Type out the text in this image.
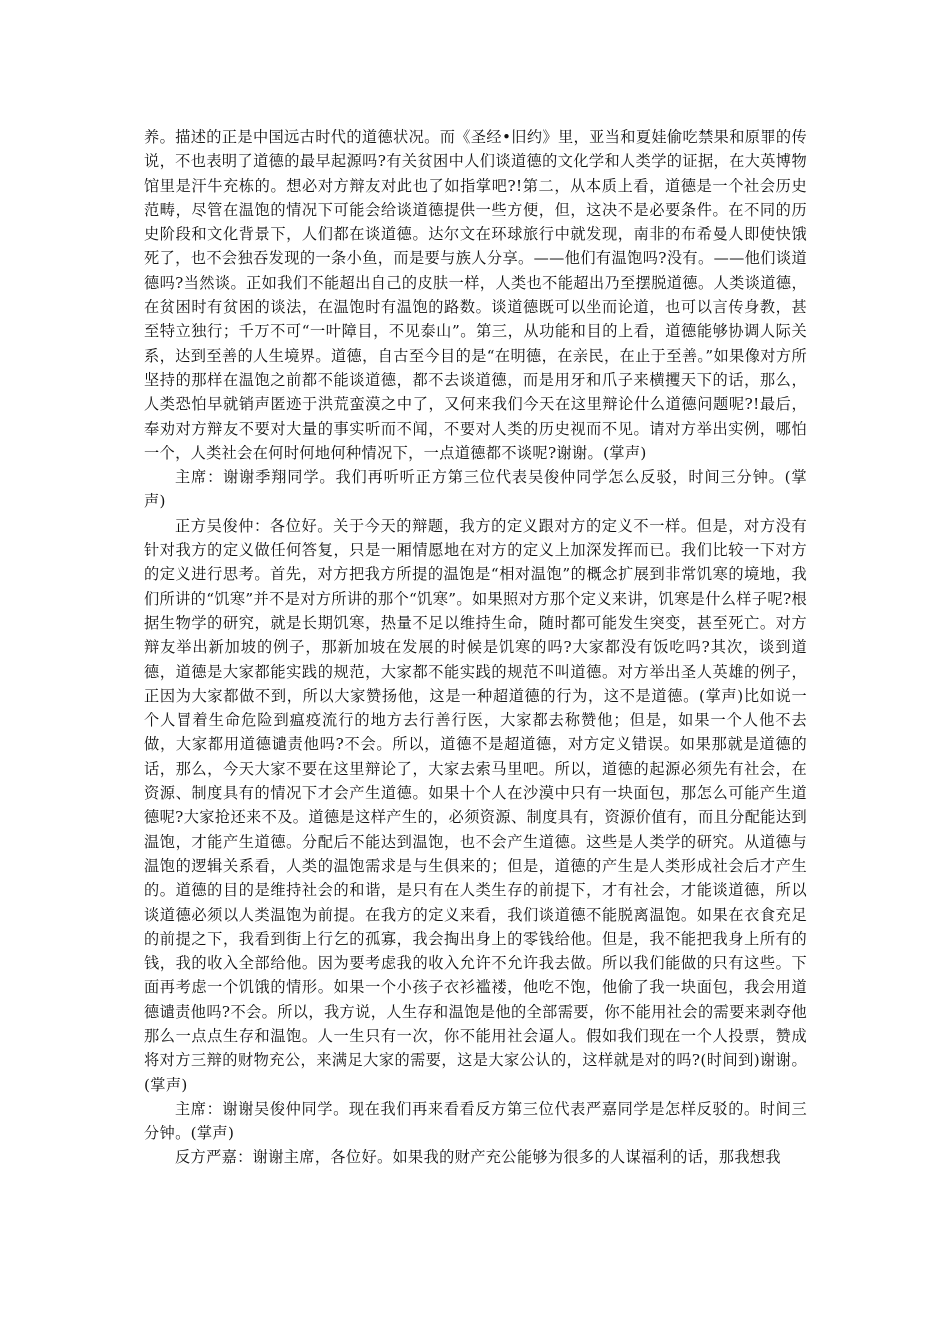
养。描述的正是中国远古时代的道德状况。而《圣经•旧约》里，亚当和夏娃偷吃禁果和原罪的传说，不也表明了道德的最早起源吗?有关贫困中人们谈道德的文化学和人类学的证据，在大英博物馆里是汗牛充栋的。想必对方辩友对此也了如指掌吧?!第二，从本质上看，道德是一个社会历史范畴，尽管在温饱的情况下可能会给谈道德提供一些方便，但，这决不是必要条件。在不同的历史阶段和文化背景下，人们都在谈道德。达尔文在环球旅行中就发现，南非的布希曼人即使快饿死了，也不会独吞发现的一条小鱼，而是要与族人分享。——他们有温饱吗?没有。——他们谈道德吗?当然谈。正如我们不能超出自己的皮肤一样，人类也不能超出乃至摆脱道德。人类谈道德，在贫困时有贫困的谈法，在温饱时有温饱的路数。谈道德既可以坐而论道，也可以言传身教，甚至特立独行；千万不可“一叶障目，不见泰山”。第三，从功能和目的上看，道德能够协调人际关系，达到至善的人生境界。道德，自古至今目的是“在明德，在亲民，在止于至善。”如果像对方所坚持的那样在温饱之前都不能谈道德，都不去谈道德，而是用牙和爪子来横攫天下的话，那么，人类恐怕早就销声匿迹于洪荒蛮漠之中了，又何来我们今天在这里辩论什么道德问题呢?!最后，奉劝对方辩友不要对大量的事实听而不闻，不要对人类的历史视而不见。请对方举出实例，哪怕一个，人类社会在何时何地何种情况下，一点道德都不谈呢?谢谢。(掌声)

主席：谢谢季翔同学。我们再听听正方第三位代表吴俊仲同学怎么反驳，时间三分钟。(掌声)

正方吴俊仲：各位好。关于今天的辩题，我方的定义跟对方的定义不一样。但是，对方没有针对我方的定义做任何答复，只是一厢情愿地在对方的定义上加深发挥而已。我们比较一下对方的定义进行思考。首先，对方把我方所提的温饱是“相对温饱”的概念扩展到非常饥寒的境地，我们所讲的“饥寒”并不是对方所讲的那个“饥寒”。如果照对方那个定义来讲，饥寒是什么样子呢?根据生物学的研究，就是长期饥寒，热量不足以维持生命，随时都可能发生突变，甚至死亡。对方辩友举出新加坡的例子，那新加坡在发展的时候是饥寒的吗?大家都没有饭吃吗?其次，谈到道德，道德是大家都能实践的规范，大家都不能实践的规范不叫道德。对方举出圣人英雄的例子，正因为大家都做不到，所以大家赞扬他，这是一种超道德的行为，这不是道德。(掌声)比如说一个人冒着生命危险到瘟疫流行的地方去行善行医，大家都去称赞他；但是，如果一个人他不去做，大家都用道德谴责他吗?不会。所以，道德不是超道德，对方定义错误。如果那就是道德的话，那么，今天大家不要在这里辩论了，大家去索马里吧。所以，道德的起源必须先有社会，在资源、制度具有的情况下才会产生道德。如果十个人在沙漠中只有一块面包，那怎么可能产生道德呢?大家抢还来不及。道德是这样产生的，必须资源、制度具有，资源价值有，而且分配能达到温饱，才能产生道德。分配后不能达到温饱，也不会产生道德。这些是人类学的研究。从道德与温饱的逻辑关系看，人类的温饱需求是与生俱来的；但是，道德的产生是人类形成社会后才产生的。道德的目的是维持社会的和谐，是只有在人类生存的前提下，才有社会，才能谈道德，所以谈道德必须以人类温饱为前提。在我方的定义来看，我们谈道德不能脱离温饱。如果在衣食充足的前提之下，我看到街上行乞的孤寡，我会掏出身上的零钱给他。但是，我不能把我身上所有的钱，我的收入全部给他。因为要考虑我的收入允许不允许我去做。所以我们能做的只有这些。下面再考虑一个饥饿的情形。如果一个小孩子衣衫褴褛，他吃不饱，他偷了我一块面包，我会用道德谴责他吗?不会。所以，我方说，人生存和温饱是他的全部需要，你不能用社会的需要来剥夺他那么一点点生存和温饱。人一生只有一次，你不能用社会逼人。假如我们现在一个人投票，赞成将对方三辩的财物充公，来满足大家的需要，这是大家公认的，这样就是对的吗?(时间到)谢谢。(掌声)

主席：谢谢吴俊仲同学。现在我们再来看看反方第三位代表严嘉同学是怎样反驳的。时间三分钟。(掌声)

反方严嘉：谢谢主席，各位好。如果我的财产充公能够为很多的人谋福利的话，那我想我
